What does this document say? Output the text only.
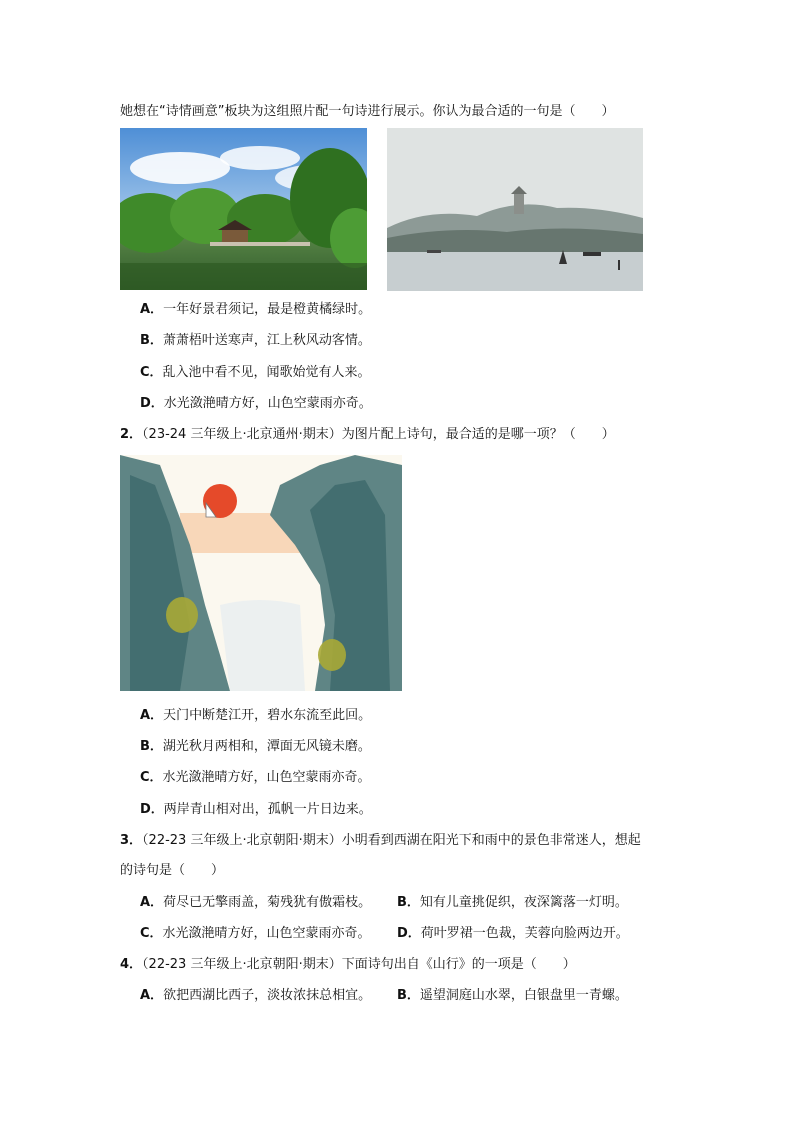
她想在“诗情画意”板块为这组照片配一句诗进行展示。你认为最合适的一句是（　　）
A．一年好景君须记，最是橙黄橘绿时。
B．萧萧梧叶送寒声，江上秋风动客情。
C．乱入池中看不见，闻歌始觉有人来。
D．水光潋滟晴方好，山色空蒙雨亦奇。
2．（23-24 三年级上·北京通州·期末）为图片配上诗句，最合适的是哪一项？（　　）
A．天门中断楚江开，碧水东流至此回。
B．湖光秋月两相和，潭面无风镜未磨。
C．水光潋滟晴方好，山色空蒙雨亦奇。
D．两岸青山相对出，孤帆一片日边来。
3．（22-23 三年级上·北京朝阳·期末）小明看到西湖在阳光下和雨中的景色非常迷人，想起
的诗句是（　　）
A．荷尽已无擎雨盖，菊残犹有傲霜枝。 B．知有儿童挑促织，夜深篱落一灯明。
C．水光潋滟晴方好，山色空蒙雨亦奇。 D．荷叶罗裙一色裁，芙蓉向脸两边开。
4．（22-23 三年级上·北京朝阳·期末）下面诗句出自《山行》的一项是（　　）
A．欲把西湖比西子，淡妆浓抹总相宜。 B．遥望洞庭山水翠，白银盘里一青螺。
